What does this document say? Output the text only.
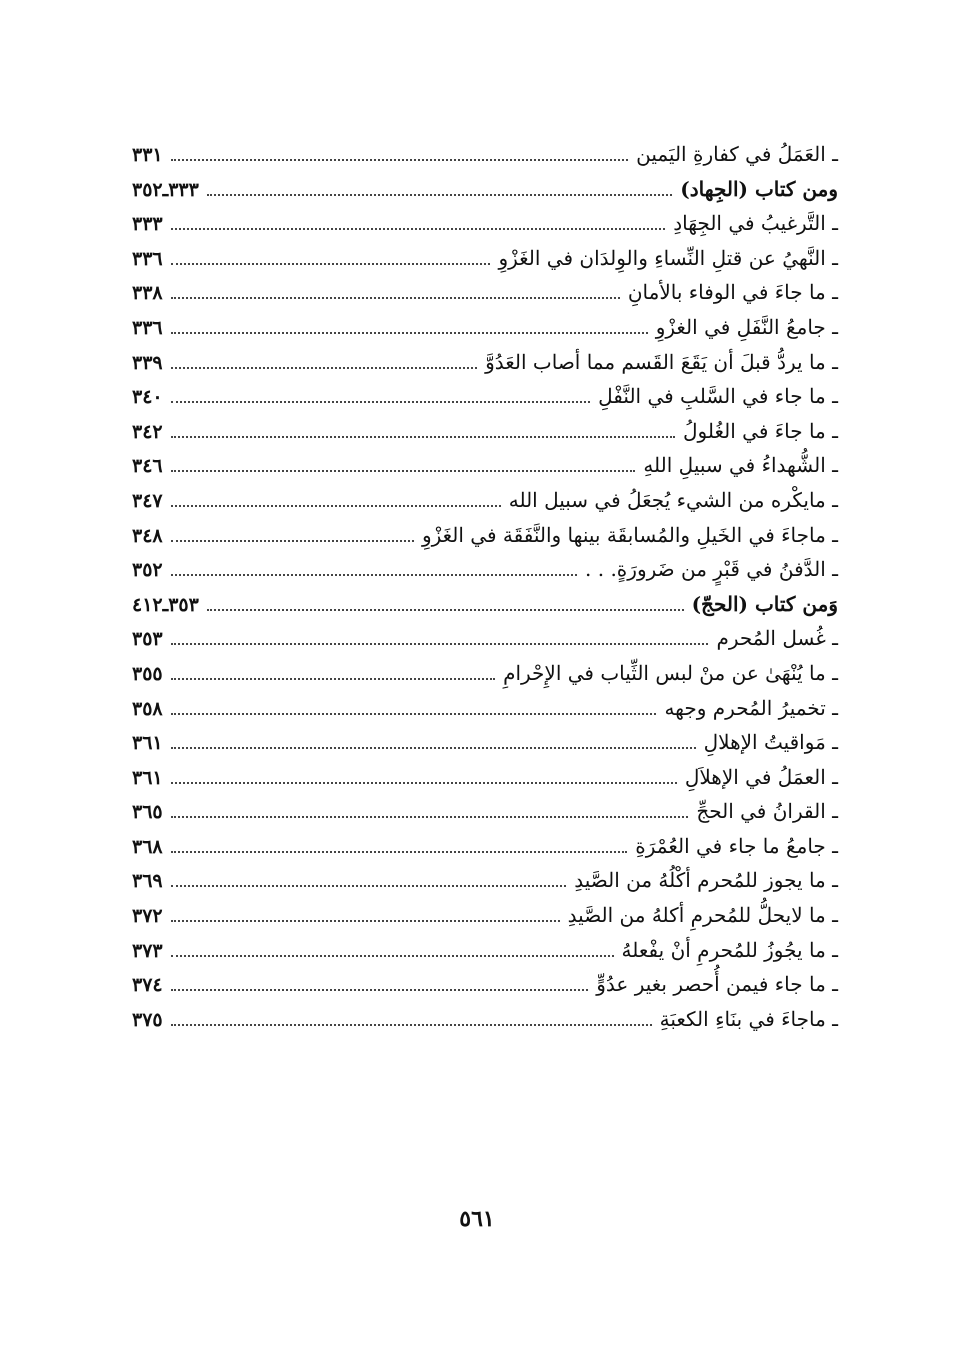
ـ العَمَلُ في كفارةِ اليَمين
٣٣١
ومن كتاب (الجِهاد)
٣٣٣ـ٣٥٢
ـ التَّرغيبُ في الجِهَادِ
٣٣٣
ـ النَّهيُ عن قتلِ النِّساءِ والوِلدَان في الغَزْوِ
٣٣٦
ـ ما جاءَ في الوفاء بالأمانِ
٣٣٨
ـ جامعُ النَّفَلِ في الغزْوِ
٣٣٦
ـ ما يردُّ قبلَ أن يَقَعَ القَسم مما أصاب العَدُوَّ
٣٣٩
ـ ما جاء في السَّلبِ في النَّفْلِ
٣٤٠
ـ ما جاءَ في الغُلولُ
٣٤٢
ـ الشُّهداءُ في سبيلِ اللهِ
٣٤٦
ـ مايكْره من الشيء يُجعَلُ في سبيل الله
٣٤٧
ـ ماجاءَ في الخَيلِ والمُسابقَة بينها والنَّفَقَة في الغَزْوِ
٣٤٨
ـ الدَّفنُ في قَبْرٍ من ضَرورَةٍ. . .
٣٥٢
وَمن كتاب (الحجّ)
٣٥٣ـ٤١٢
ـ غُسل المُحرم
٣٥٣
ـ ما يُنْهَىٰ عن منْ لبس الثِّياب في الإِحْرامِ
٣٥٥
ـ تخميرُ المُحرم وجهه
٣٥٨
ـ مَواقيتُ الإهلالِ
٣٦١
ـ العمَلُ في الإهلاَلِ
٣٦١
ـ القرانُ في الحجِّ
٣٦٥
ـ جامعُ ما جاء في العُمْرَةِ
٣٦٨
ـ ما يجوز للمُحرم أكْلُهُ من الصَّيدِ
٣٦٩
ـ ما لايحلُّ للمُحرمِ أكلهُ من الصَّيدِ
٣٧٢
ـ ما يجُوزُ للمُحرمِ أنْ يفْعلهُ
٣٧٣
ـ ما جاء فيمن أُحصر بغير عدُوٍّ
٣٧٤
ـ ماجاءَ في بنَاءِ الكعبَةِ
٣٧٥
٥٦١
